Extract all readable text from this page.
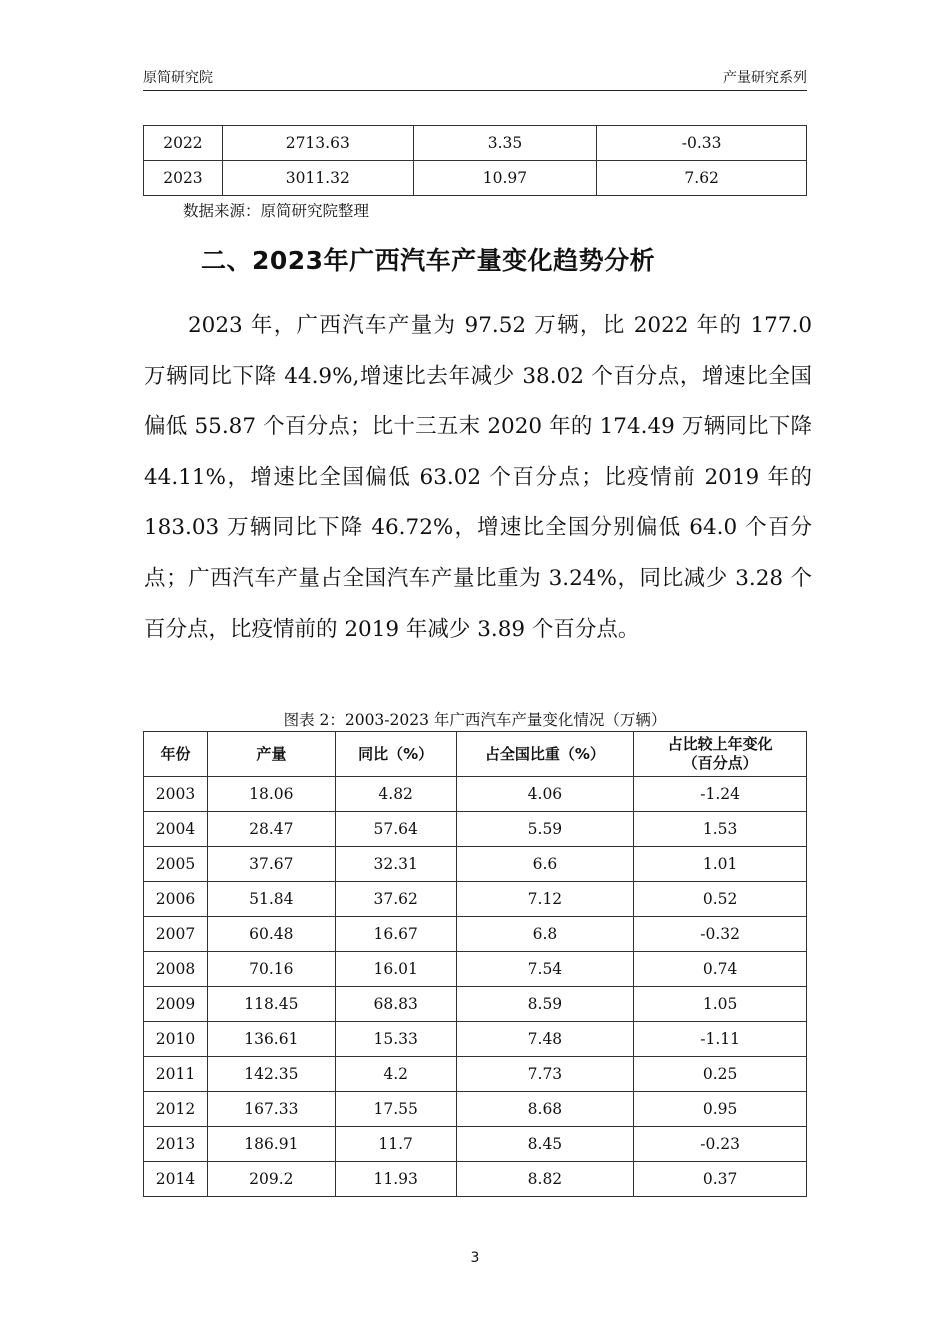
原简研究院	产量研究系列
2022	2713.63	3.35	-0.33
2023	3011.32	10.97	7.62
数据来源：原简研究院整理
二、2023年广西汽车产量变化趋势分析
2023 年，广西汽车产量为 97.52 万辆，比 2022 年的 177.0 万辆同比下降 44.9%,增速比去年减少 38.02 个百分点，增速比全国偏低 55.87 个百分点；比十三五末 2020 年的 174.49 万辆同比下降 44.11%，增速比全国偏低 63.02 个百分点；比疫情前 2019 年的 183.03 万辆同比下降 46.72%，增速比全国分别偏低 64.0 个百分点；广西汽车产量占全国汽车产量比重为 3.24%，同比减少 3.28 个百分点，比疫情前的 2019 年减少 3.89 个百分点。
图表 2：2003-2023 年广西汽车产量变化情况（万辆）
年份	产量	同比（%）	占全国比重（%）	占比较上年变化
（百分点）
2003	18.06	4.82	4.06	-1.24
2004	28.47	57.64	5.59	1.53
2005	37.67	32.31	6.6	1.01
2006	51.84	37.62	7.12	0.52
2007	60.48	16.67	6.8	-0.32
2008	70.16	16.01	7.54	0.74
2009	118.45	68.83	8.59	1.05
2010	136.61	15.33	7.48	-1.11
2011	142.35	4.2	7.73	0.25
2012	167.33	17.55	8.68	0.95
2013	186.91	11.7	8.45	-0.23
2014	209.2	11.93	8.82	0.37
3
